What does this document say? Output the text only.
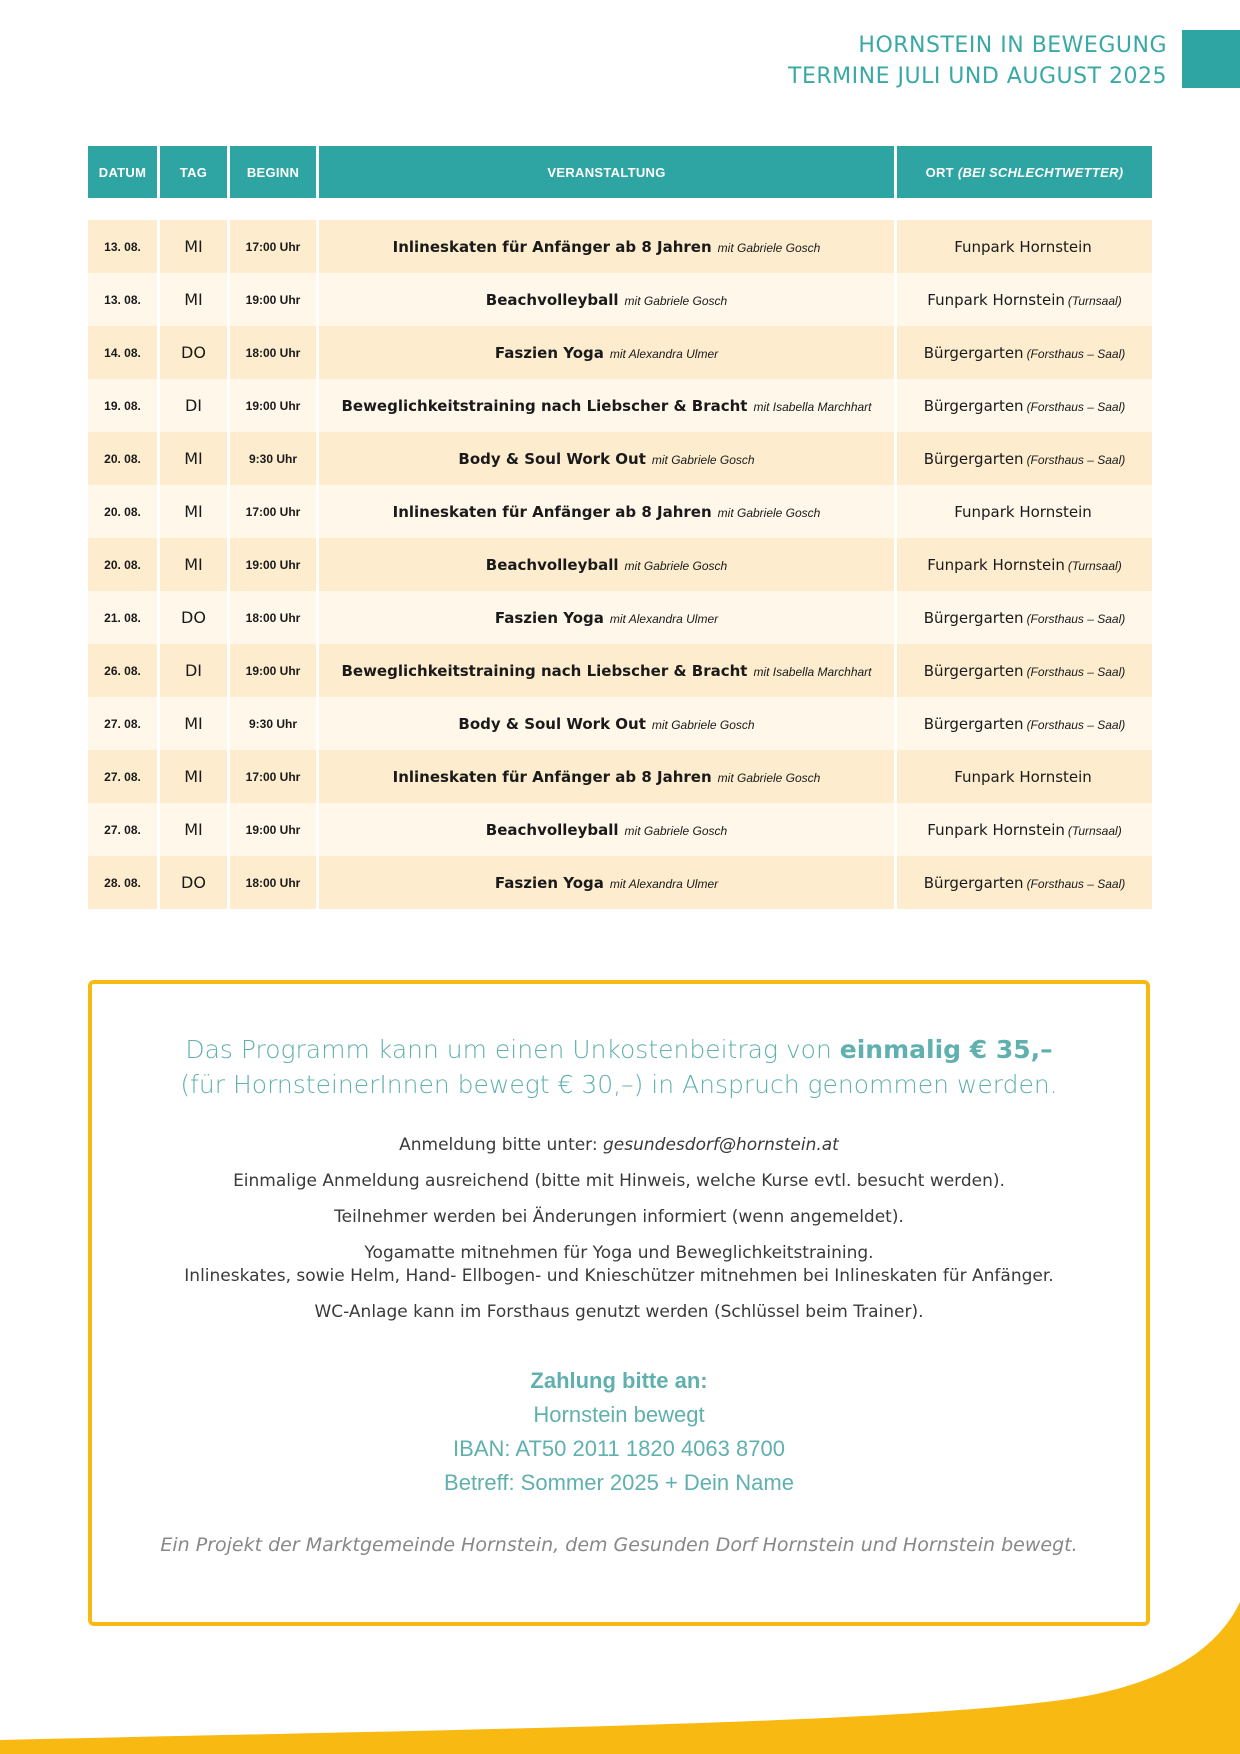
HORNSTEIN IN BEWEGUNG
TERMINE JULI UND AUGUST 2025
DATUM	TAG	BEGINN	VERANSTALTUNG	ORT (BEI SCHLECHTWETTER)

13. 08.	MI	17:00 Uhr	Inlineskaten für Anfänger ab 8 Jahren mit Gabriele Gosch	Funpark Hornstein
13. 08.	MI	19:00 Uhr	Beachvolleyball mit Gabriele Gosch	Funpark Hornstein (Turnsaal)
14. 08.	DO	18:00 Uhr	Faszien Yoga mit Alexandra Ulmer	Bürgergarten (Forsthaus – Saal)
19. 08.	DI	19:00 Uhr	Beweglichkeitstraining nach Liebscher & Bracht mit Isabella Marchhart	Bürgergarten (Forsthaus – Saal)
20. 08.	MI	9:30 Uhr	Body & Soul Work Out mit Gabriele Gosch	Bürgergarten (Forsthaus – Saal)
20. 08.	MI	17:00 Uhr	Inlineskaten für Anfänger ab 8 Jahren mit Gabriele Gosch	Funpark Hornstein
20. 08.	MI	19:00 Uhr	Beachvolleyball mit Gabriele Gosch	Funpark Hornstein (Turnsaal)
21. 08.	DO	18:00 Uhr	Faszien Yoga mit Alexandra Ulmer	Bürgergarten (Forsthaus – Saal)
26. 08.	DI	19:00 Uhr	Beweglichkeitstraining nach Liebscher & Bracht mit Isabella Marchhart	Bürgergarten (Forsthaus – Saal)
27. 08.	MI	9:30 Uhr	Body & Soul Work Out mit Gabriele Gosch	Bürgergarten (Forsthaus – Saal)
27. 08.	MI	17:00 Uhr	Inlineskaten für Anfänger ab 8 Jahren mit Gabriele Gosch	Funpark Hornstein
27. 08.	MI	19:00 Uhr	Beachvolleyball mit Gabriele Gosch	Funpark Hornstein (Turnsaal)
28. 08.	DO	18:00 Uhr	Faszien Yoga mit Alexandra Ulmer	Bürgergarten (Forsthaus – Saal)
Das Programm kann um einen Unkostenbeitrag von einmalig € 35,–
(für HornsteinerInnen bewegt € 30,–) in Anspruch genommen werden.

Anmeldung bitte unter: gesundesdorf@hornstein.at

Einmalige Anmeldung ausreichend (bitte mit Hinweis, welche Kurse evtl. besucht werden).

Teilnehmer werden bei Änderungen informiert (wenn angemeldet).

Yogamatte mitnehmen für Yoga und Beweglichkeitstraining.

Inlineskates, sowie Helm, Hand- Ellbogen- und Knieschützer mitnehmen bei Inlineskaten für Anfänger.

WC-Anlage kann im Forsthaus genutzt werden (Schlüssel beim Trainer).

Zahlung bitte an:
Hornstein bewegt
IBAN: AT50 2011 1820 4063 8700
Betreff: Sommer 2025 + Dein Name
Ein Projekt der Marktgemeinde Hornstein, dem Gesunden Dorf Hornstein und Hornstein bewegt.
